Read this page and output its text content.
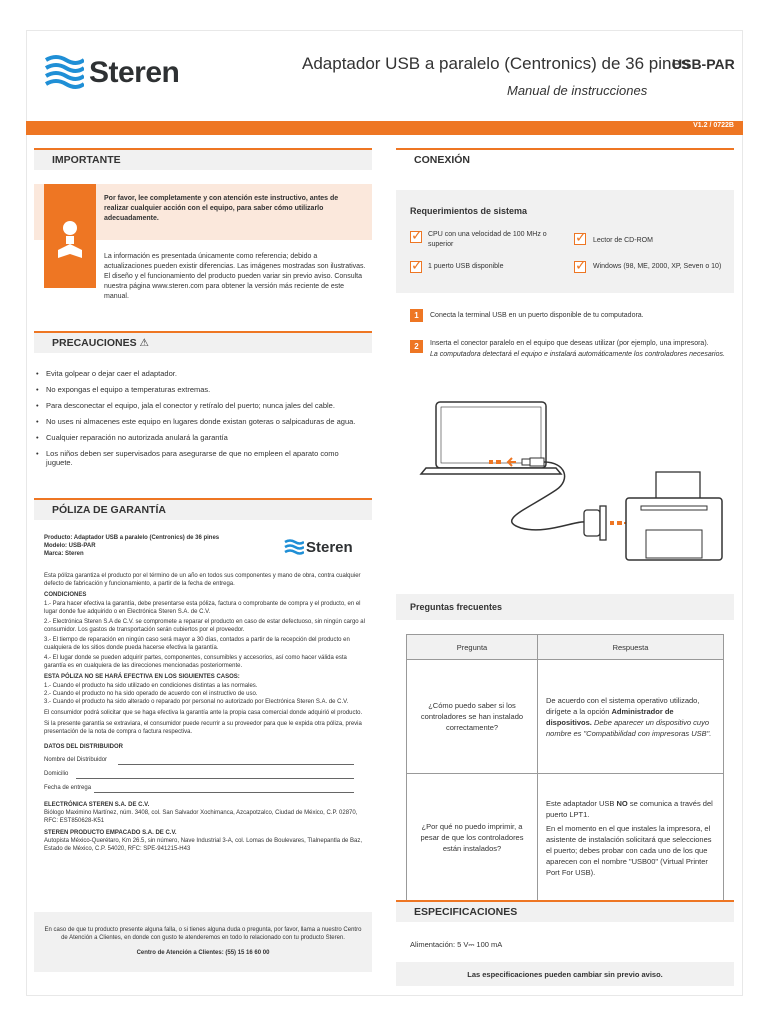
Steren	Adaptador USB a paralelo (Centronics) de 36 pines
USB-PAR
Manual de instrucciones
V1.2 / 0722B
IMPORTANTE
Por favor, lee completamente y con atención este instructivo, antes de realizar cualquier acción con el equipo, para saber cómo utilizarlo adecuadamente.
La información es presentada únicamente como referencia; debido a actualizaciones pueden existir diferencias. Las imágenes mostradas son ilustrativas. El diseño y el funcionamiento del producto pueden variar sin previo aviso. Consulta nuestra página www.steren.com para obtener la versión más reciente de este manual.
PRECAUCIONES ⚠
• Evita golpear o dejar caer el adaptador.
• No expongas el equipo a temperaturas extremas.
• Para desconectar el equipo, jala el conector y retíralo del puerto; nunca jales del cable.
• No uses ni almacenes este equipo en lugares donde existan goteras o salpicaduras de agua.
• Cualquier reparación no autorizada anulará la garantía
• Los niños deben ser supervisados para asegurarse de que no empleen el aparato como juguete.
PÓLIZA DE GARANTÍA
Producto: Adaptador USB a paralelo (Centronics) de 36 pines
Modelo: USB-PAR
Marca: Steren	Steren
Esta póliza garantiza el producto por el término de un año en todos sus componentes y mano de obra, contra cualquier defecto de fabricación y funcionamiento, a partir de la fecha de entrega.
CONDICIONES
1.- Para hacer efectiva la garantía, debe presentarse esta póliza, factura o comprobante de compra y el producto, en el lugar donde fue adquirido o en Electrónica Steren S.A. de C.V.
2.- Electrónica Steren S.A de C.V. se compromete a reparar el producto en caso de estar defectuoso, sin ningún cargo al consumidor. Los gastos de transportación serán cubiertos por el proveedor.
3.- El tiempo de reparación en ningún caso será mayor a 30 días, contados a partir de la recepción del producto en cualquiera de los sitios donde pueda hacerse efectiva la garantía.
4.- El lugar donde se pueden adquirir partes, componentes, consumibles y accesorios, así como hacer válida esta garantía es en cualquiera de las direcciones mencionadas posteriormente.
ESTA PÓLIZA NO SE HARÁ EFECTIVA EN LOS SIGUIENTES CASOS:
1.- Cuando el producto ha sido utilizado en condiciones distintas a las normales.
2.- Cuando el producto no ha sido operado de acuerdo con el instructivo de uso.
3.- Cuando el producto ha sido alterado o reparado por personal no autorizado por Electrónica Steren S.A. de C.V.
El consumidor podrá solicitar que se haga efectiva la garantía ante la propia casa comercial donde adquirió el producto.
Si la presente garantía se extraviara, el consumidor puede recurrir a su proveedor para que le expida otra póliza, previa presentación de la nota de compra o factura respectiva.
DATOS DEL DISTRIBUIDOR
Nombre del Distribuidor
Domicilio
Fecha de entrega
ELECTRÓNICA STEREN S.A. DE C.V.
Biólogo Maximino Martínez, núm. 3408, col. San Salvador Xochimanca, Azcapotzalco, Ciudad de México, C.P. 02870, RFC: EST850628-K51
STEREN PRODUCTO EMPACADO S.A. DE C.V.
Autopista México-Querétaro, Km 26.5, sin número, Nave Industrial 3-A, col. Lomas de Boulevares, Tlalnepantla de Baz, Estado de México, C.P. 54020, RFC: SPE-941215-H43
En caso de que tu producto presente alguna falla, o si tienes alguna duda o pregunta, por favor, llama a nuestro Centro de Atención a Clientes, en donde con gusto te atenderemos en todo lo relacionado con tu producto Steren.
Centro de Atención a Clientes: (55) 15 16 60 00
CONEXIÓN
Requerimientos de sistema
✓
CPU con una velocidad de 100 MHz o superior
✓
Lector de CD-ROM
✓
1 puerto USB disponible ✓	Windows (98, ME, 2000, XP, Seven o 10)
1	Conecta la terminal USB en un puerto disponible de tu computadora.
2	Inserta el conector paralelo en el equipo que deseas utilizar (por ejemplo, una impresora).
La computadora detectará el equipo e instalará automáticamente los controladores necesarios.
Preguntas frecuentes
Pregunta	Respuesta
¿Cómo puedo saber si los controladores se han instalado correctamente?	De acuerdo con el sistema operativo utilizado, dirígete a la opción Administrador de dispositivos. Debe aparecer un dispositivo cuyo nombre es "Compatibilidad con impresoras USB".
¿Por qué no puedo imprimir, a pesar de que los controladores están instalados?	Este adaptador USB NO se comunica a través del puerto LPT1.
En el momento en el que instales la impresora, el asistente de instalación solicitará que selecciones el puerto; debes probar con cada uno de los que aparecen con el nombre "USB00" (Virtual Printer Port For USB).
ESPECIFICACIONES
Alimentación: 5 V⎓ 100 mA
Las especificaciones pueden cambiar sin previo aviso.
